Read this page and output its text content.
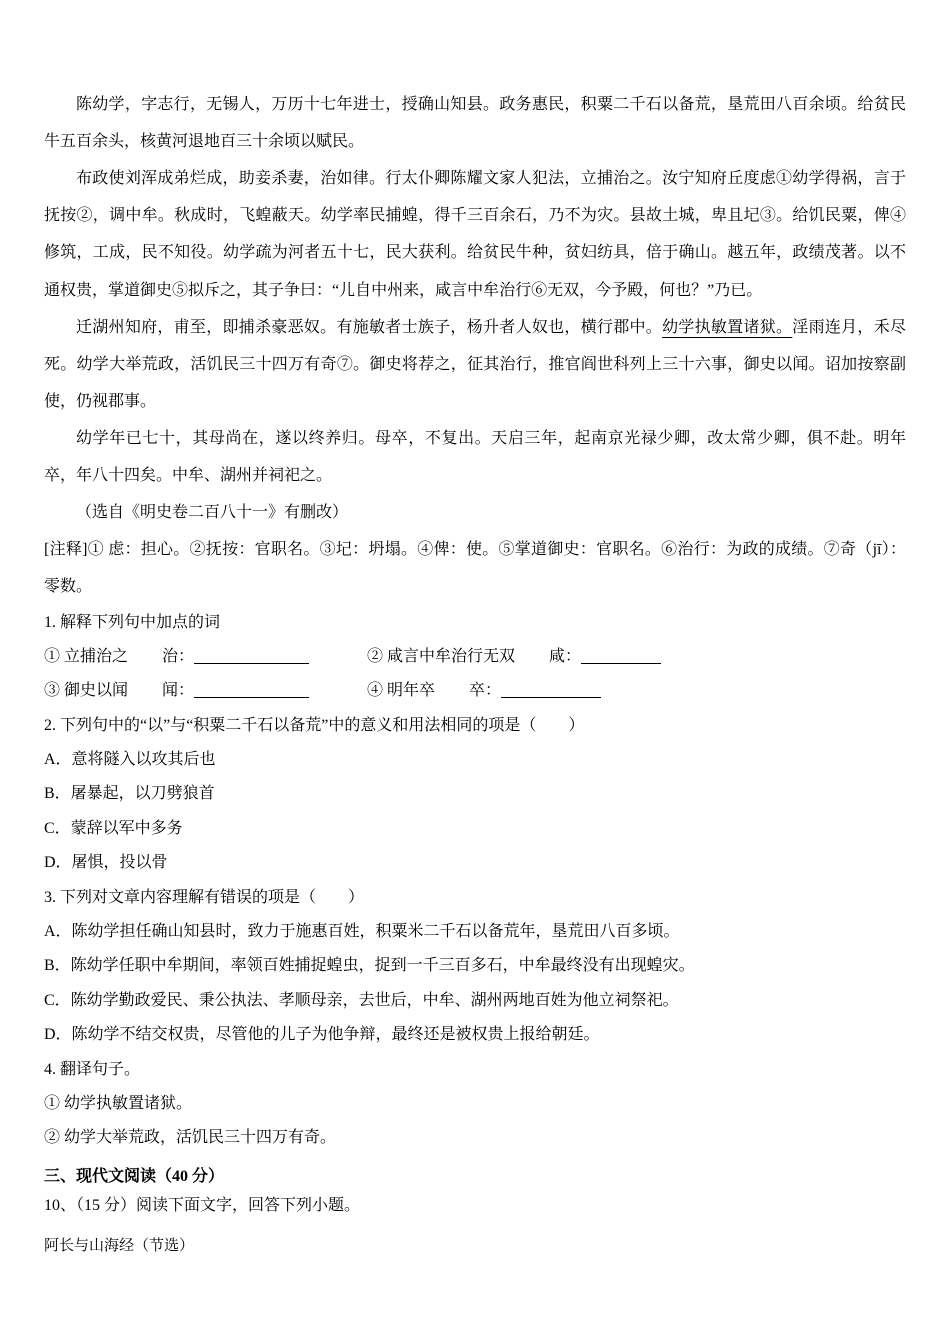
陈幼学，字志行，无锡人，万历十七年进士，授确山知县。政务惠民，积粟二千石以备荒，垦荒田八百余顷。给贫民牛五百余头，核黄河退地百三十余顷以赋民。

布政使刘浑成弟烂成，助妾杀妻，治如律。行太仆卿陈耀文家人犯法，立捕治之。汝宁知府丘度虑①幼学得祸，言于抚按②，调中牟。秋成时，飞蝗蔽天。幼学率民捕蝗，得千三百余石，乃不为灾。县故土城，卑且圮③。给饥民粟，俾④修筑，工成，民不知役。幼学疏为河者五十七，民大获利。给贫民牛种，贫妇纺具，倍于确山。越五年，政绩茂著。以不通权贵，掌道御史⑤拟斥之，其子争曰：“儿自中州来，咸言中牟治行⑥无双，今予殿，何也？”乃已。

迁湖州知府，甫至，即捕杀豪恶奴。有施敏者士族子，杨升者人奴也，横行郡中。幼学执敏置诸狱。淫雨连月，禾尽死。幼学大举荒政，活饥民三十四万有奇⑦。御史将荐之，征其治行，推官阎世科列上三十六事，御史以闻。诏加按察副使，仍视郡事。

幼学年已七十，其母尚在，遂以终养归。母卒，不复出。天启三年，起南京光禄少卿，改太常少卿，俱不赴。明年卒，年八十四矣。中牟、湖州并祠祀之。

（选自《明史卷二百八十一》有删改）

[注释]① 虑：担心。②抚按：官职名。③圮：坍塌。④俾：使。⑤掌道御史：官职名。⑥治行：为政的成绩。⑦奇（jī）：零数。

1. 解释下列句中加点的词
① 立捕治之 治：	② 咸言中牟治行无双 咸：
③ 御史以闻 闻：	④ 明年卒 卒：
2. 下列句中的“以”与“积粟二千石以备荒”中的意义和用法相同的项是（　　）
A．意将隧入以攻其后也
B．屠暴起，以刀劈狼首
C．蒙辞以军中多务
D．屠惧，投以骨
3. 下列对文章内容理解有错误的项是（　　）
A．陈幼学担任确山知县时，致力于施惠百姓，积粟米二千石以备荒年，垦荒田八百多顷。
B．陈幼学任职中牟期间，率领百姓捕捉蝗虫，捉到一千三百多石，中牟最终没有出现蝗灾。
C．陈幼学勤政爱民、秉公执法、孝顺母亲，去世后，中牟、湖州两地百姓为他立祠祭祀。
D．陈幼学不结交权贵，尽管他的儿子为他争辩，最终还是被权贵上报给朝廷。
4. 翻译句子。
① 幼学执敏置诸狱。
② 幼学大举荒政，活饥民三十四万有奇。
三、现代文阅读（40 分）
10、（15 分）阅读下面文字，回答下列小题。
阿长与山海经（节选）
